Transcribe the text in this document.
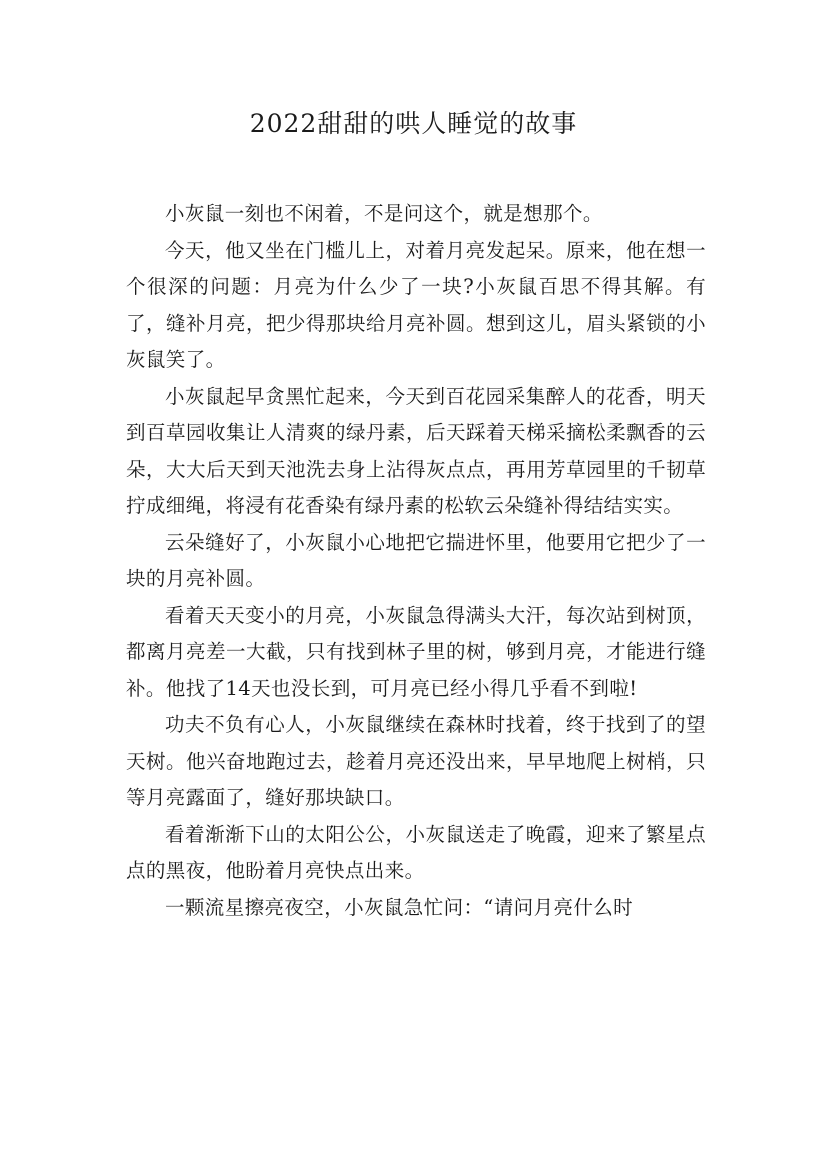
2022甜甜的哄人睡觉的故事

小灰鼠一刻也不闲着，不是问这个，就是想那个。

今天，他又坐在门槛儿上，对着月亮发起呆。原来，他在想一个很深的问题：月亮为什么少了一块?小灰鼠百思不得其解。有了，缝补月亮，把少得那块给月亮补圆。想到这儿，眉头紧锁的小灰鼠笑了。

小灰鼠起早贪黑忙起来，今天到百花园采集醉人的花香，明天到百草园收集让人清爽的绿丹素，后天踩着天梯采摘松柔飘香的云朵，大大后天到天池洗去身上沾得灰点点，再用芳草园里的千韧草拧成细绳，将浸有花香染有绿丹素的松软云朵缝补得结结实实。

云朵缝好了，小灰鼠小心地把它揣进怀里，他要用它把少了一块的月亮补圆。

看着天天变小的月亮，小灰鼠急得满头大汗，每次站到树顶，都离月亮差一大截，只有找到林子里的树，够到月亮，才能进行缝补。他找了14天也没长到，可月亮已经小得几乎看不到啦!

功夫不负有心人，小灰鼠继续在森林时找着，终于找到了的望天树。他兴奋地跑过去，趁着月亮还没出来，早早地爬上树梢，只等月亮露面了，缝好那块缺口。

看着渐渐下山的太阳公公，小灰鼠送走了晚霞，迎来了繁星点点的黑夜，他盼着月亮快点出来。

一颗流星擦亮夜空，小灰鼠急忙问：“请问月亮什么时
